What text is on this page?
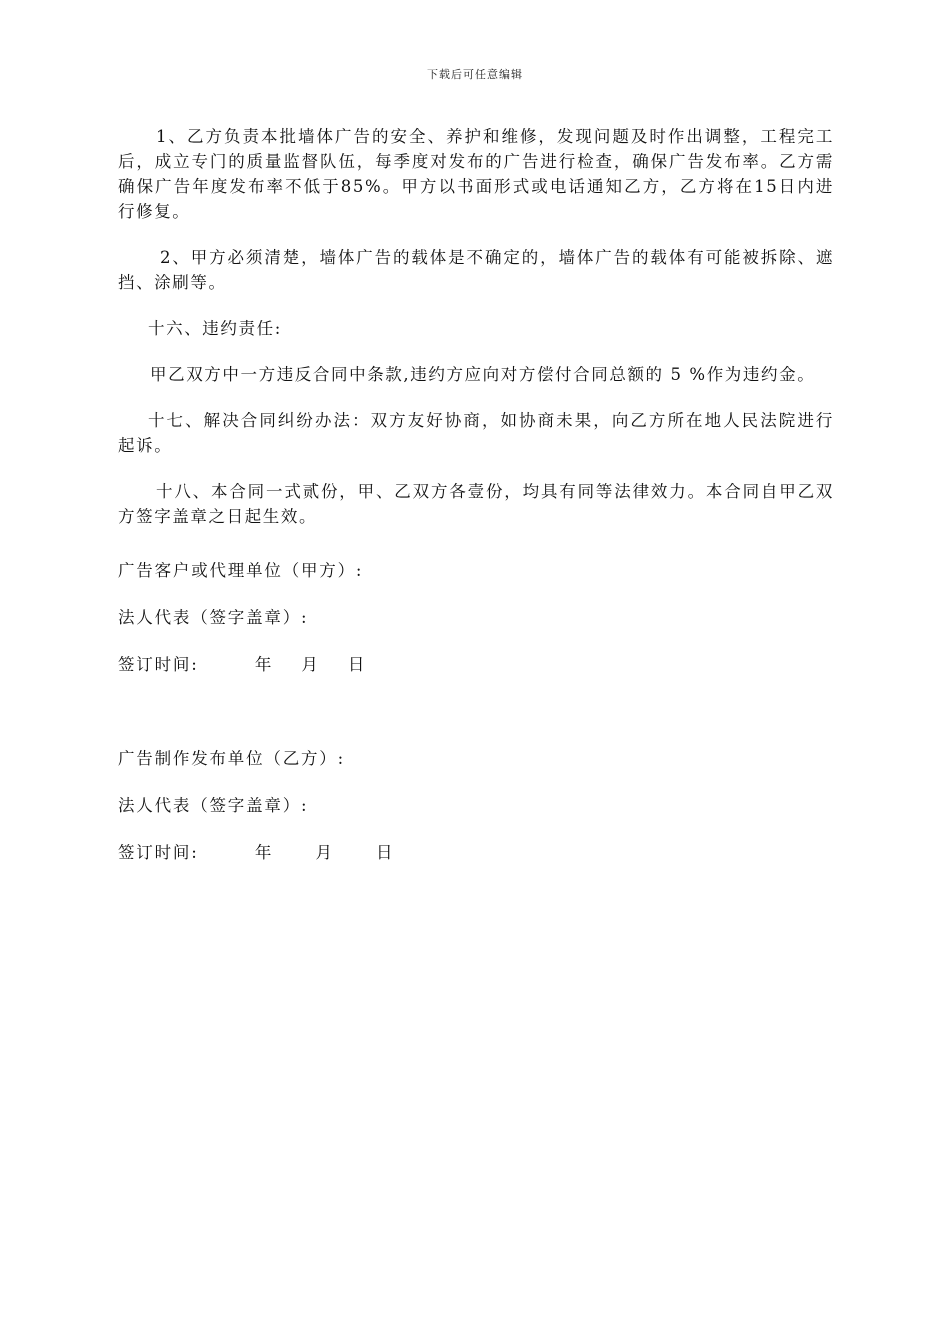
下载后可任意编辑

1、乙方负责本批墙体广告的安全、养护和维修，发现问题及时作出调整，工程完工后，成立专门的质量监督队伍，每季度对发布的广告进行检查，确保广告发布率。乙方需确保广告年度发布率不低于85%。甲方以书面形式或电话通知乙方，乙方将在15日内进行修复。

2、甲方必须清楚，墙体广告的载体是不确定的，墙体广告的载体有可能被拆除、遮挡、涂刷等。

十六、违约责任:

甲乙双方中一方违反合同中条款,违约方应向对方偿付合同总额的 5 %作为违约金。

十七、解决合同纠纷办法：双方友好协商，如协商未果，向乙方所在地人民法院进行起诉。

十八、本合同一式贰份，甲、乙双方各壹份，均具有同等法律效力。本合同自甲乙双方签字盖章之日起生效。

广告客户或代理单位（甲方）:

法人代表（签字盖章）:

签订时间:        年    月    日

广告制作发布单位（乙方）:

法人代表（签字盖章）:

签订时间:        年      月      日
